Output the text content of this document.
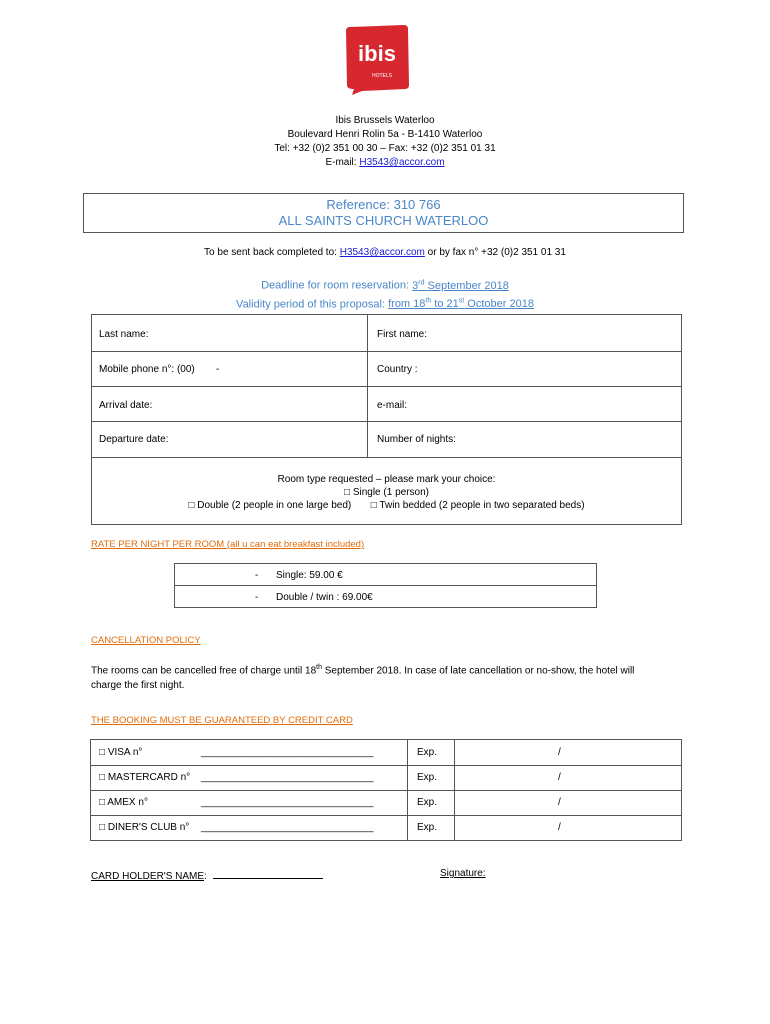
ibis
HOTELS
Ibis Brussels Waterloo
Boulevard Henri Rolin 5a - B-1410 Waterloo
Tel: +32 (0)2 351 00 30 – Fax: +32 (0)2 351 01 31
E-mail: H3543@accor.com
Reference: 310 766
ALL SAINTS CHURCH WATERLOO
To be sent back completed to: H3543@accor.com or by fax n° +32 (0)2 351 01 31
Deadline for room reservation: 3rd September 2018
Validity period of this proposal: from 18th to 21st October 2018
Last name:	First name:
Mobile phone n°: (00) -	Country :
Arrival date:	e-mail:
Departure date:	Number of nights:
Room type requested – please mark your choice:
□ Single (1 person)
□ Double (2 people in one large bed) □ Twin bedded (2 people in two separated beds)
RATE PER NIGHT PER ROOM (all u can eat breakfast included)
- Single: 59.00 €
- Double / twin : 69.00€
CANCELLATION POLICY
The rooms can be cancelled free of charge until 18th September 2018. In case of late cancellation or no-show, the hotel will
charge the first night.
THE BOOKING MUST BE GUARANTEED BY CREDIT CARD
□ VISA n°	_______________________________	Exp.	/
□ MASTERCARD n° _______________________________	Exp.	/
□ AMEX n°	_______________________________	Exp.	/
□ DINER'S CLUB n° _______________________________	Exp.	/
CARD HOLDER'S NAME:	Signature:
